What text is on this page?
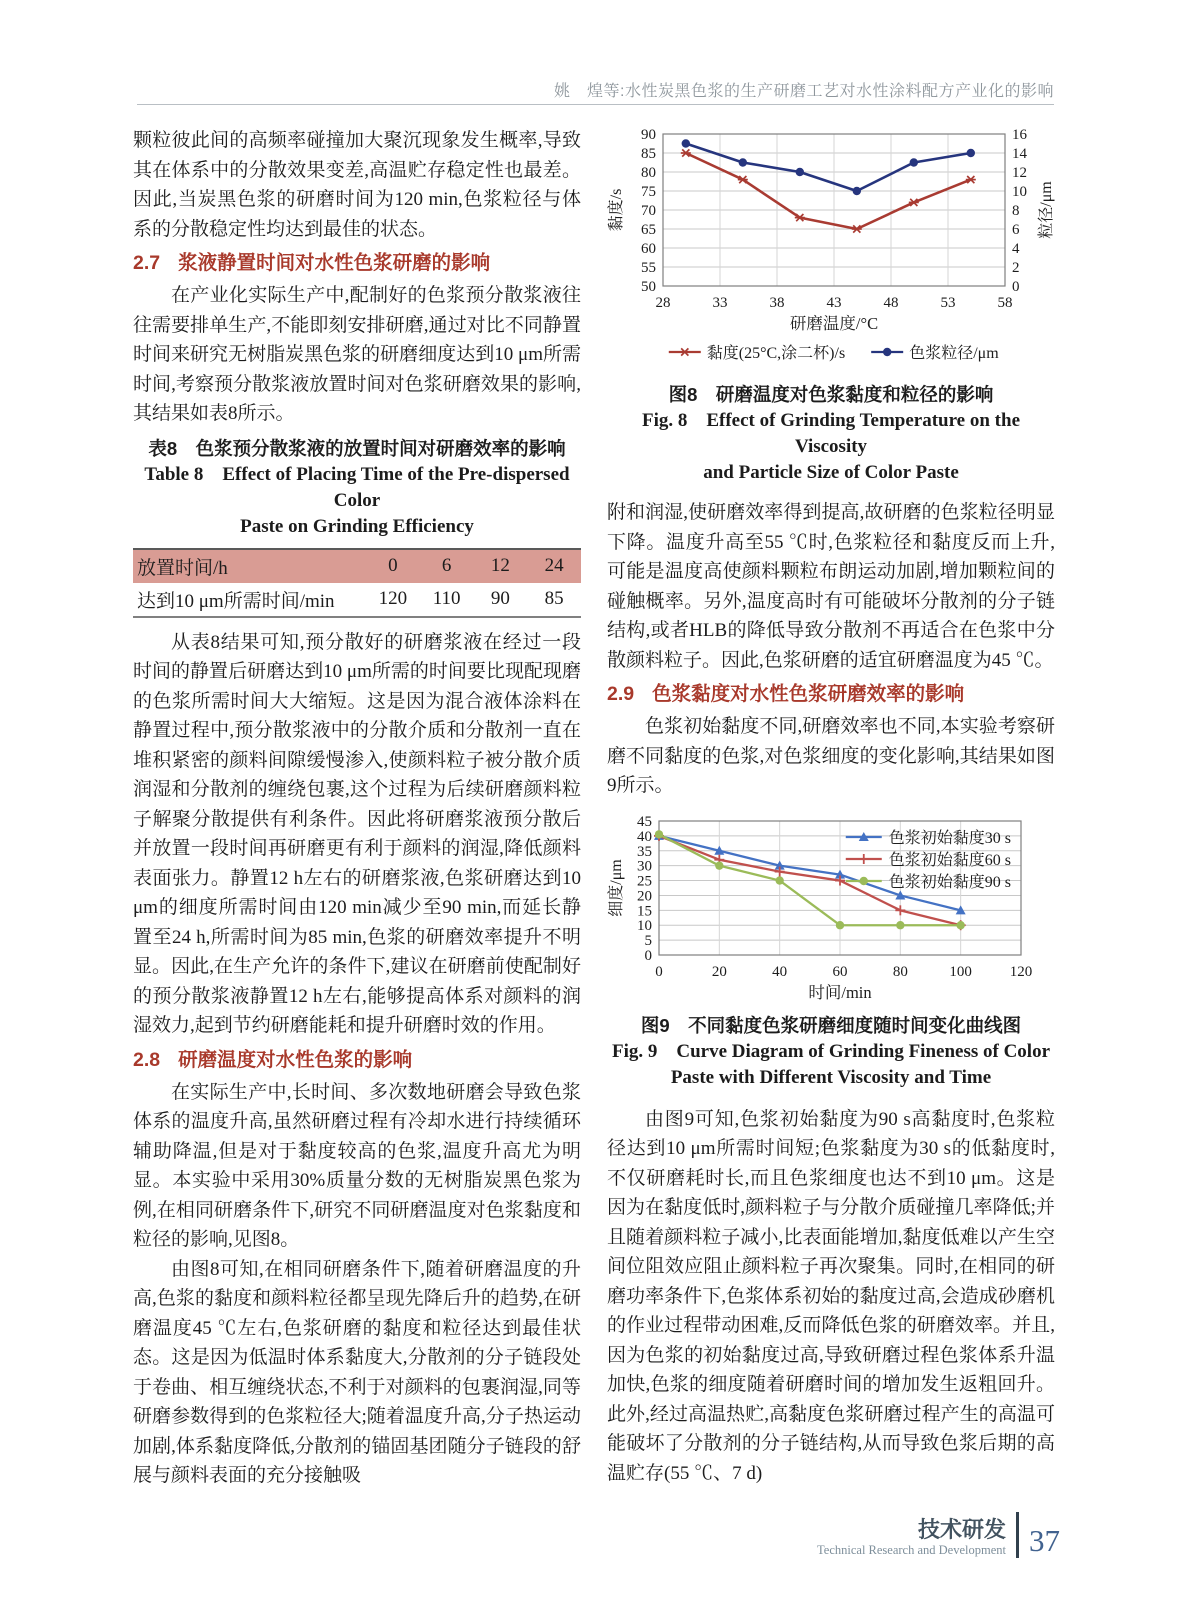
姚　煌等:水性炭黑色浆的生产研磨工艺对水性涂料配方产业化的影响

颗粒彼此间的高频率碰撞加大聚沉现象发生概率,导致其在体系中的分散效果变差,高温贮存稳定性也最差。因此,当炭黑色浆的研磨时间为120 min,色浆粒径与体系的分散稳定性均达到最佳的状态。

2.7 浆液静置时间对水性色浆研磨的影响

在产业化实际生产中,配制好的色浆预分散浆液往往需要排单生产,不能即刻安排研磨,通过对比不同静置时间来研究无树脂炭黑色浆的研磨细度达到10 μm所需时间,考察预分散浆液放置时间对色浆研磨效果的影响,其结果如表8所示。

表8　色浆预分散浆液的放置时间对研磨效率的影响
Table 8　Effect of Placing Time of the Pre-dispersed Color
Paste on Grinding Efficiency
放置时间/h	0	6	12	24
达到10 μm所需时间/min	120	110	90	85

从表8结果可知,预分散好的研磨浆液在经过一段时间的静置后研磨达到10 μm所需的时间要比现配现磨的色浆所需时间大大缩短。这是因为混合液体涂料在静置过程中,预分散浆液中的分散介质和分散剂一直在堆积紧密的颜料间隙缓慢渗入,使颜料粒子被分散介质润湿和分散剂的缠绕包裹,这个过程为后续研磨颜料粒子解聚分散提供有利条件。因此将研磨浆液预分散后并放置一段时间再研磨更有利于颜料的润湿,降低颜料表面张力。静置12 h左右的研磨浆液,色浆研磨达到10 μm的细度所需时间由120 min减少至90 min,而延长静置至24 h,所需时间为85 min,色浆的研磨效率提升不明显。因此,在生产允许的条件下,建议在研磨前使配制好的预分散浆液静置12 h左右,能够提高体系对颜料的润湿效力,起到节约研磨能耗和提升研磨时效的作用。

2.8 研磨温度对水性色浆的影响

在实际生产中,长时间、多次数地研磨会导致色浆体系的温度升高,虽然研磨过程有冷却水进行持续循环辅助降温,但是对于黏度较高的色浆,温度升高尤为明显。本实验中采用30%质量分数的无树脂炭黑色浆为例,在相同研磨条件下,研究不同研磨温度对色浆黏度和粒径的影响,见图8。

由图8可知,在相同研磨条件下,随着研磨温度的升高,色浆的黏度和颜料粒径都呈现先降后升的趋势,在研磨温度45 ℃左右,色浆研磨的黏度和粒径达到最佳状态。这是因为低温时体系黏度大,分散剂的分子链段处于卷曲、相互缠绕状态,不利于对颜料的包裹润湿,同等研磨参数得到的色浆粒径大;随着温度升高,分子热运动加剧,体系黏度降低,分散剂的锚固基团随分子链段的舒展与颜料表面的充分接触吸

50
55
60
65
70
75
80
85
90
0
2
4
6
8
10
12
14
16
28	33	38	43	48	53	58
黏度/s	粒径/μm
研磨温度/°C
黏度(25°C,涂二杯)/s	色浆粒径/μm
图8　研磨温度对色浆黏度和粒径的影响
Fig. 8　Effect of Grinding Temperature on the Viscosity
and Particle Size of Color Paste

附和润湿,使研磨效率得到提高,故研磨的色浆粒径明显下降。温度升高至55 ℃时,色浆粒径和黏度反而上升,可能是温度高使颜料颗粒布朗运动加剧,增加颗粒间的碰触概率。另外,温度高时有可能破坏分散剂的分子链结构,或者HLB的降低导致分散剂不再适合在色浆中分散颜料粒子。因此,色浆研磨的适宜研磨温度为45 ℃。

2.9 色浆黏度对水性色浆研磨效率的影响

色浆初始黏度不同,研磨效率也不同,本实验考察研磨不同黏度的色浆,对色浆细度的变化影响,其结果如图9所示。

0
5
10
15
20
25
30
35
40
45
0	20	40	60	80	100	120
细度/μm
时间/min
色浆初始黏度30 s
色浆初始黏度60 s
色浆初始黏度90 s
图9　不同黏度色浆研磨细度随时间变化曲线图
Fig. 9　Curve Diagram of Grinding Fineness of Color
Paste with Different Viscosity and Time

由图9可知,色浆初始黏度为90 s高黏度时,色浆粒径达到10 μm所需时间短;色浆黏度为30 s的低黏度时,不仅研磨耗时长,而且色浆细度也达不到10 μm。这是因为在黏度低时,颜料粒子与分散介质碰撞几率降低;并且随着颜料粒子减小,比表面能增加,黏度低难以产生空间位阻效应阻止颜料粒子再次聚集。同时,在相同的研磨功率条件下,色浆体系初始的黏度过高,会造成砂磨机的作业过程带动困难,反而降低色浆的研磨效率。并且,因为色浆的初始黏度过高,导致研磨过程色浆体系升温加快,色浆的细度随着研磨时间的增加发生返粗回升。此外,经过高温热贮,高黏度色浆研磨过程产生的高温可能破坏了分散剂的分子链结构,从而导致色浆后期的高温贮存(55 ℃、7 d)

技术研发
Technical Research and Development 37
